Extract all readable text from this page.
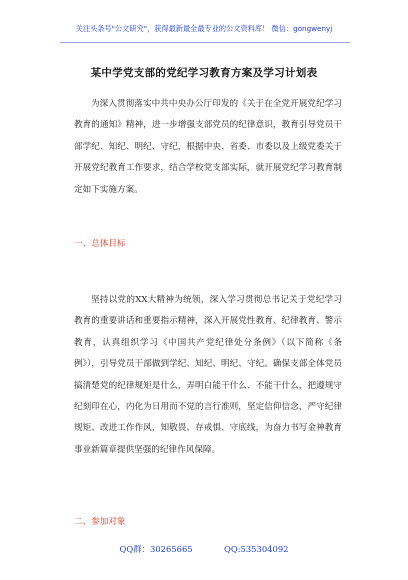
关注头条号"公文研究"，获得最新最全最专业的公文资料库！ 微信：gongwenyj
某中学党支部的党纪学习教育方案及学习计划表

为深入贯彻落实中共中央办公厅印发的《关于在全党开展党纪学习教育的通知》精神，进一步增强支部党员的纪律意识，教育引导党员干部学纪、知纪、明纪、守纪，根据中央、省委、市委以及上级党委关于开展党纪教育工作要求，结合学校党支部实际，就开展党纪学习教育制定如下实施方案。

一、总体目标

坚持以党的XX大精神为统领，深入学习贯彻总书记关于党纪学习教育的重要讲话和重要指示精神，深入开展党性教育、纪律教育、警示教育，认真组织学习《中国共产党纪律处分条例》（以下简称《条例》），引导党员干部做到学纪、知纪、明纪、守纪。确保支部全体党员搞清楚党的纪律规矩是什么，弄明白能干什么、不能干什么，把遵规守纪刻印在心，内化为日用而不觉的言行准则，坚定信仰信念，严守纪律规矩、改进工作作风，知敬畏、存戒惧、守底线，为奋力书写金神教育事业新篇章提供坚强的纪律作风保障。

二、参加对象

QQ群：30265665	QQ:535304092
